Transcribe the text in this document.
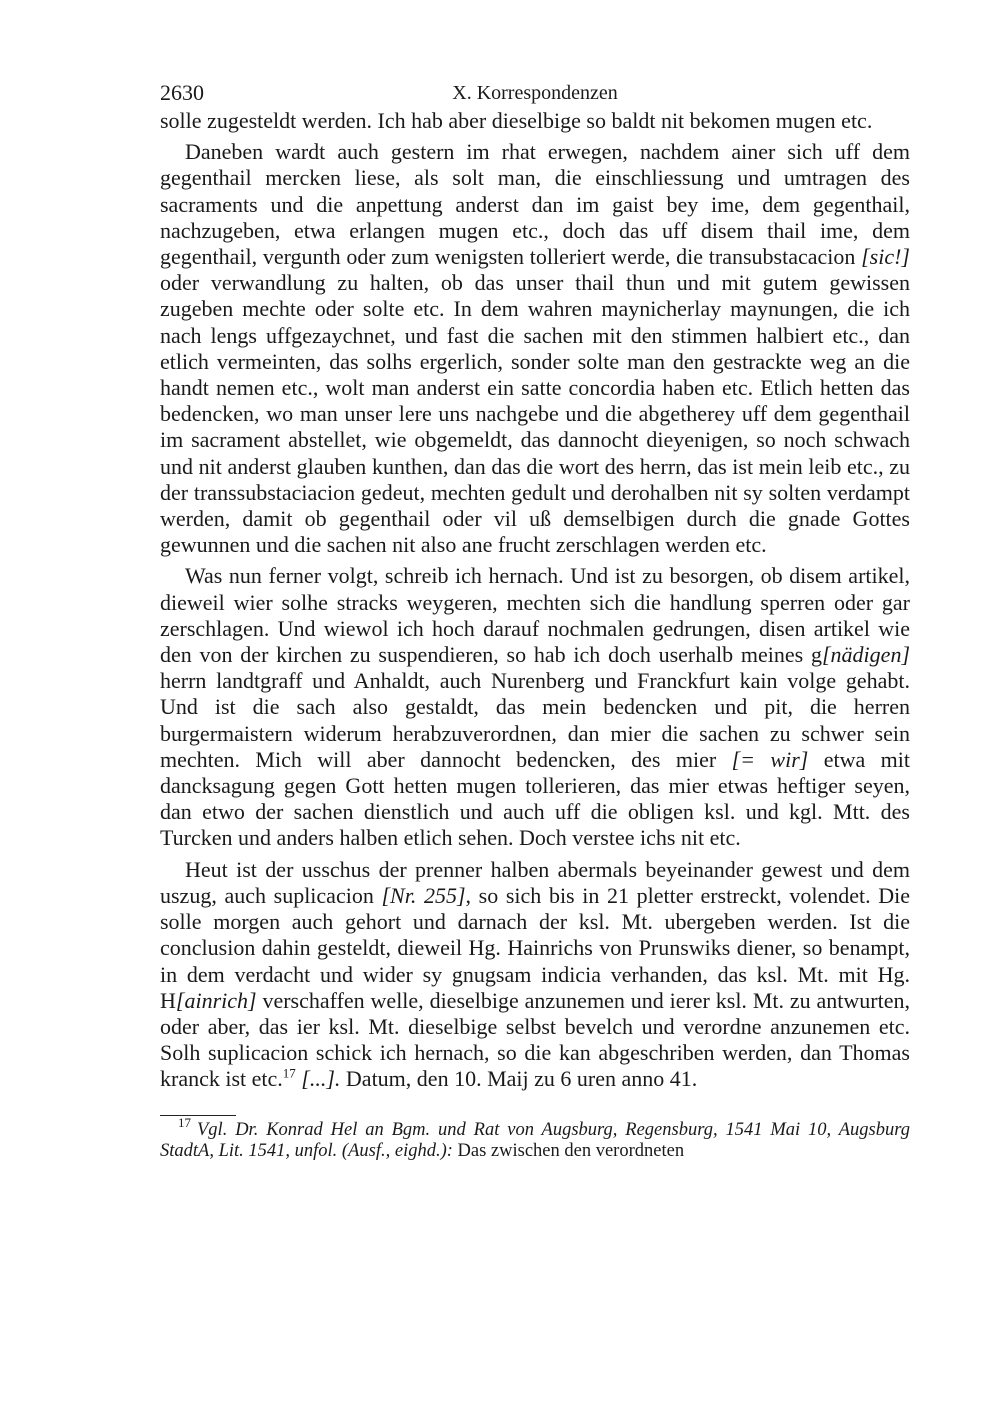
2630	X. Korrespondenzen

solle zugesteldt werden. Ich hab aber dieselbige so baldt nit bekomen mugen etc.

Daneben wardt auch gestern im rhat erwegen, nachdem ainer sich uff dem gegenthail mercken liese, als solt man, die einschliessung und umtragen des sacraments und die anpettung anderst dan im gaist bey ime, dem gegenthail, nachzugeben, etwa erlangen mugen etc., doch das uff disem thail ime, dem gegenthail, vergunth oder zum wenigsten tolleriert werde, die transubstacacion [sic!] oder verwandlung zu halten, ob das unser thail thun und mit gutem gewissen zugeben mechte oder solte etc. In dem wahren maynicherlay maynungen, die ich nach lengs uffgezaychnet, und fast die sachen mit den stimmen halbiert etc., dan etlich vermeinten, das solhs ergerlich, sonder solte man den gestrackte weg an die handt nemen etc., wolt man anderst ein satte concordia haben etc. Etlich hetten das bedencken, wo man unser lere uns nachgebe und die abgetherey uff dem gegenthail im sacrament abstellet, wie obgemeldt, das dannocht dieyenigen, so noch schwach und nit anderst glauben kunthen, dan das die wort des herrn, das ist mein leib etc., zu der transsubstaciacion gedeut, mechten gedult und derohalben nit sy solten verdampt werden, damit ob gegenthail oder vil uß demselbigen durch die gnade Gottes gewunnen und die sachen nit also ane frucht zerschlagen werden etc.

Was nun ferner volgt, schreib ich hernach. Und ist zu besorgen, ob disem artikel, dieweil wier solhe stracks weygeren, mechten sich die handlung sperren oder gar zerschlagen. Und wiewol ich hoch darauf nochmalen gedrungen, disen artikel wie den von der kirchen zu suspendieren, so hab ich doch userhalb meines g[nädigen] herrn landtgraff und Anhaldt, auch Nurenberg und Franckfurt kain volge gehabt. Und ist die sach also gestaldt, das mein bedencken und pit, die herren burgermaistern widerum herabzuverordnen, dan mier die sachen zu schwer sein mechten. Mich will aber dannocht bedencken, des mier [= wir] etwa mit dancksagung gegen Gott hetten mugen tollerieren, das mier etwas heftiger seyen, dan etwo der sachen dienstlich und auch uff die obligen ksl. und kgl. Mtt. des Turcken und anders halben etlich sehen. Doch verstee ichs nit etc.

Heut ist der usschus der prenner halben abermals beyeinander gewest und dem uszug, auch suplicacion [Nr. 255], so sich bis in 21 pletter erstreckt, volendet. Die solle morgen auch gehort und darnach der ksl. Mt. ubergeben werden. Ist die conclusion dahin gesteldt, dieweil Hg. Hainrichs von Prunswiks diener, so benampt, in dem verdacht und wider sy gnugsam indicia verhanden, das ksl. Mt. mit Hg. H[ainrich] verschaffen welle, dieselbige anzunemen und ierer ksl. Mt. zu antwurten, oder aber, das ier ksl. Mt. dieselbige selbst bevelch und verordne anzunemen etc. Solh suplicacion schick ich hernach, so die kan abgeschriben werden, dan Thomas kranck ist etc.$^{17}$ [...]. Datum, den 10. Maij zu 6 uren anno 41.

$^{17}$ Vgl. Dr. Konrad Hel an Bgm. und Rat von Augsburg, Regensburg, 1541 Mai 10, Augsburg StadtA, Lit. 1541, unfol. (Ausf., eighd.): Das zwischen den verordneten
